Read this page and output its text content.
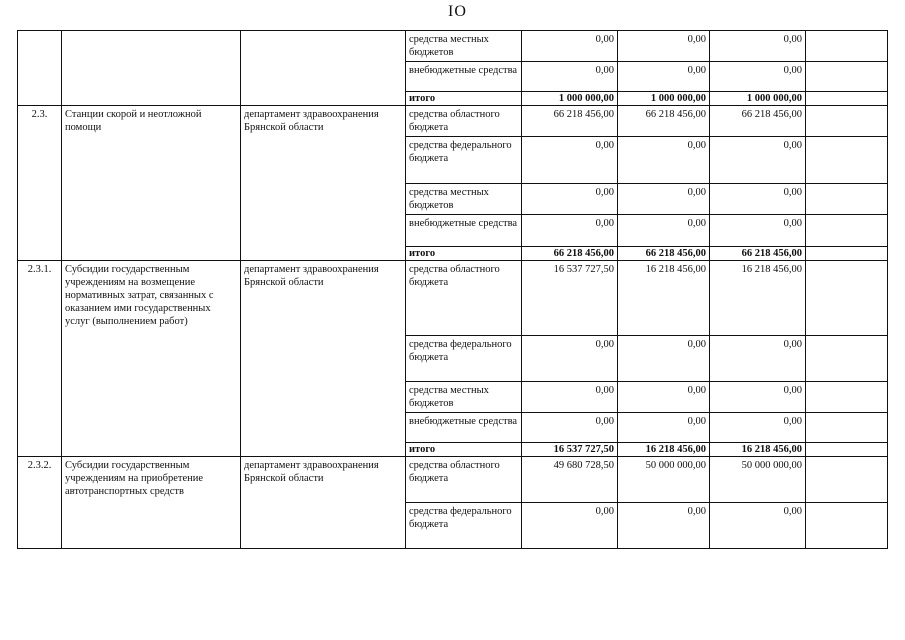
IO
			средства местных бюджетов	0,00	0,00	0,00	
			внебюджетные средства	0,00	0,00	0,00	
			итого	1 000 000,00	1 000 000,00	1 000 000,00	
2.3.	Станции скорой и неотложной помощи	департамент здравоохранения Брянской области	средства областного бюджета	66 218 456,00	66 218 456,00	66 218 456,00	
			средства федерального бюджета	0,00	0,00	0,00	
			средства местных бюджетов	0,00	0,00	0,00	
			внебюджетные средства	0,00	0,00	0,00	
			итого	66 218 456,00	66 218 456,00	66 218 456,00	
2.3.1.	Субсидии государственным учреждениям на возмещение нормативных затрат, связанных с оказанием ими государственных услуг (выполнением работ)	департамент здравоохранения Брянской области	средства областного бюджета	16 537 727,50	16 218 456,00	16 218 456,00	
			средства федерального бюджета	0,00	0,00	0,00	
			средства местных бюджетов	0,00	0,00	0,00	
			внебюджетные средства	0,00	0,00	0,00	
			итого	16 537 727,50	16 218 456,00	16 218 456,00	
2.3.2.	Субсидии государственным учреждениям на приобретение автотранспортных средств	департамент здравоохранения Брянской области	средства областного бюджета	49 680 728,50	50 000 000,00	50 000 000,00	
			средства федерального бюджета	0,00	0,00	0,00	
